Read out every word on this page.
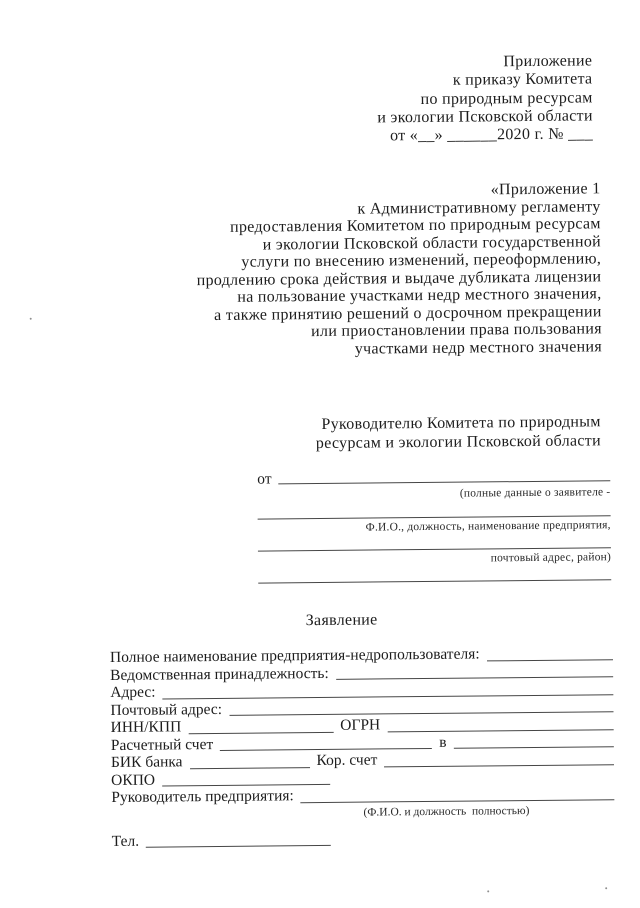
Приложение
к приказу Комитета
по природным ресурсам
и экологии Псковской области
от «__» ______2020 г. № ___
«Приложение 1
к Административному регламенту
предоставления Комитетом по природным ресурсам
и экологии Псковской области государственной
услуги по внесению изменений, переоформлению,
продлению срока действия и выдаче дубликата лицензии
на пользование участками недр местного значения,
а также принятию решений о досрочном прекращении
или приостановлении права пользования
участками недр местного значения
Руководителю Комитета по природным
ресурсам и экологии Псковской области
от
(полные данные о заявителе -
Ф.И.О., должность, наименование предприятия,
почтовый адрес, район)
Заявление
Полное наименование предприятия-недропользователя:
Ведомственная принадлежность:
Адрес:
Почтовый адрес:
ИНН/КПП	ОГРН
Расчетный счет	в
БИК банка	Кор. счет
ОКПО
Руководитель предприятия:
(Ф.И.О. и должность  полностью)
Тел.
